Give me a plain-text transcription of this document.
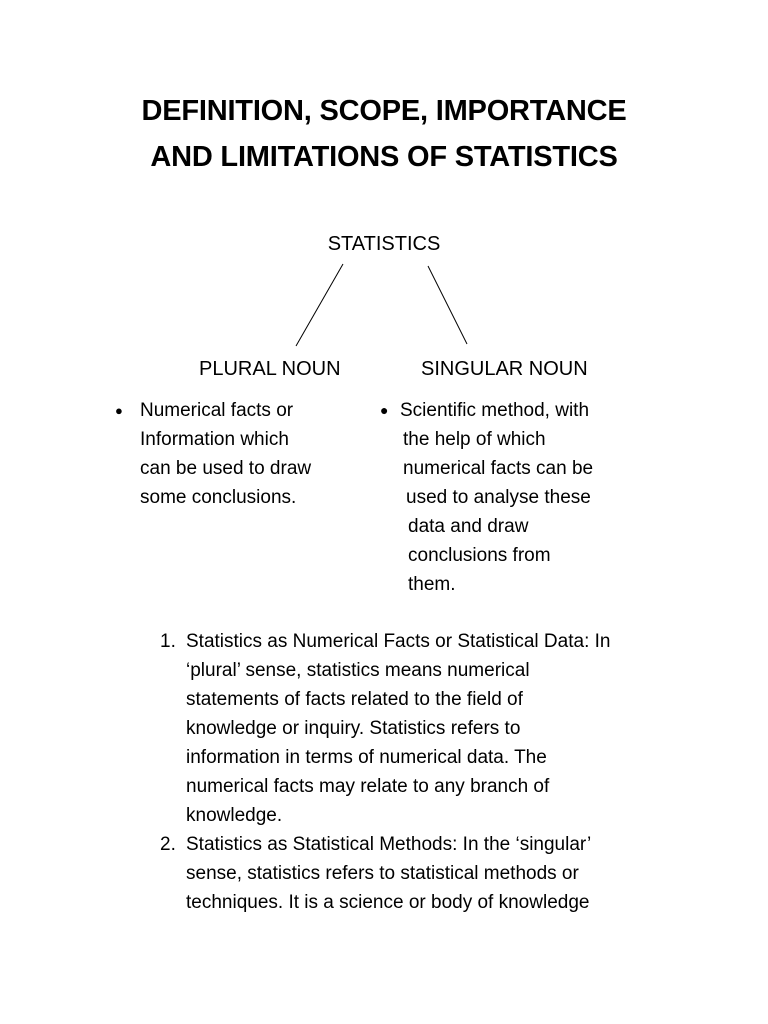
DEFINITION, SCOPE, IMPORTANCE
AND LIMITATIONS OF STATISTICS
STATISTICS
PLURAL NOUN	SINGULAR NOUN
● Numerical facts or
Information which
can be used to draw
some conclusions.
● Scientific method, with
the help of which
numerical facts can be
used to analyse these
data and draw
conclusions from
them.
1. Statistics as Numerical Facts or Statistical Data: In
‘plural’ sense, statistics means numerical
statements of facts related to the field of
knowledge or inquiry. Statistics refers to
information in terms of numerical data. The
numerical facts may relate to any branch of
knowledge.
2. Statistics as Statistical Methods: In the ‘singular’
sense, statistics refers to statistical methods or
techniques. It is a science or body of knowledge
